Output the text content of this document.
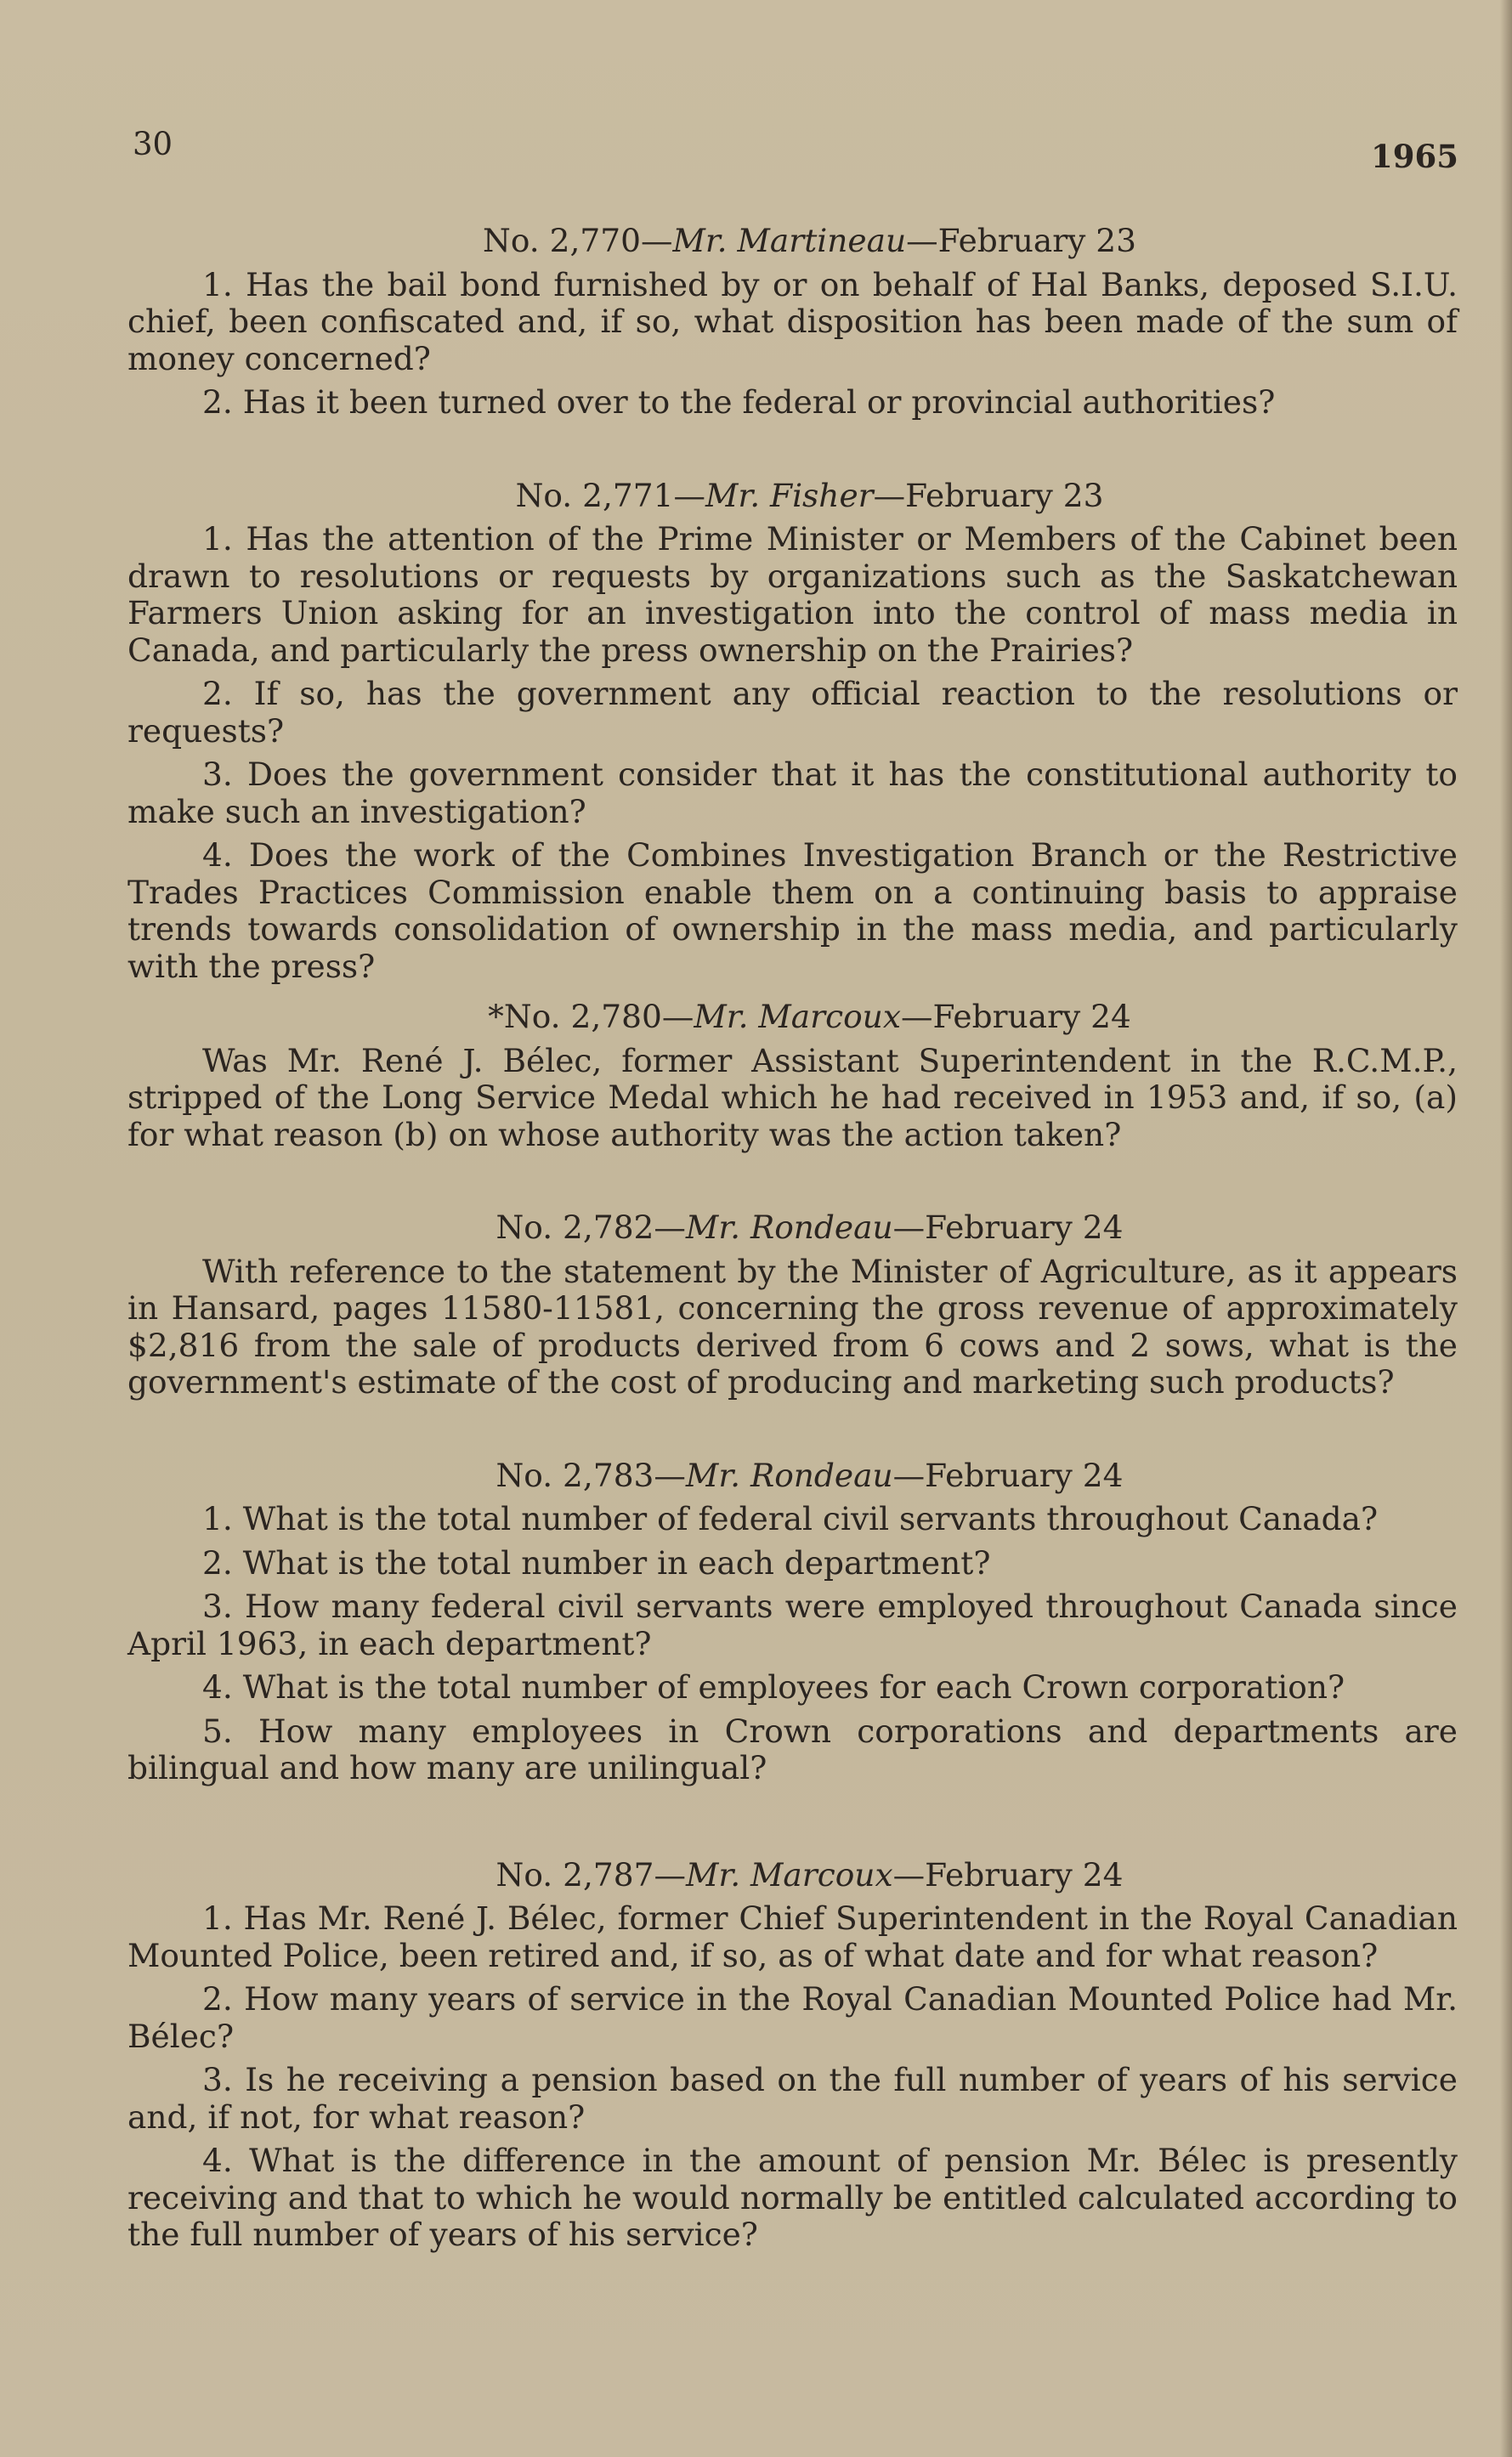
30	1965

No. 2,770—Mr. Martineau—February 23

1. Has the bail bond furnished by or on behalf of Hal Banks, deposed S.I.U. chief, been confiscated and, if so, what disposition has been made of the sum of money concerned?

2. Has it been turned over to the federal or provincial authorities?

No. 2,771—Mr. Fisher—February 23

1. Has the attention of the Prime Minister or Members of the Cabinet been drawn to resolutions or requests by organizations such as the Saskatchewan Farmers Union asking for an investigation into the control of mass media in Canada, and particularly the press ownership on the Prairies?

2. If so, has the government any official reaction to the resolutions or requests?

3. Does the government consider that it has the constitutional authority to make such an investigation?

4. Does the work of the Combines Investigation Branch or the Restrictive Trades Practices Commission enable them on a continuing basis to appraise trends towards consolidation of ownership in the mass media, and particularly with the press?

*No. 2,780—Mr. Marcoux—February 24

Was Mr. René J. Bélec, former Assistant Superintendent in the R.C.M.P., stripped of the Long Service Medal which he had received in 1953 and, if so, (a) for what reason (b) on whose authority was the action taken?

No. 2,782—Mr. Rondeau—February 24

With reference to the statement by the Minister of Agriculture, as it appears in Hansard, pages 11580-11581, concerning the gross revenue of approximately $2,816 from the sale of products derived from 6 cows and 2 sows, what is the government's estimate of the cost of producing and marketing such products?

No. 2,783—Mr. Rondeau—February 24

1. What is the total number of federal civil servants throughout Canada?

2. What is the total number in each department?

3. How many federal civil servants were employed throughout Canada since April 1963, in each department?

4. What is the total number of employees for each Crown corporation?

5. How many employees in Crown corporations and departments are bilingual and how many are unilingual?

No. 2,787—Mr. Marcoux—February 24

1. Has Mr. René J. Bélec, former Chief Superintendent in the Royal Canadian Mounted Police, been retired and, if so, as of what date and for what reason?

2. How many years of service in the Royal Canadian Mounted Police had Mr. Bélec?

3. Is he receiving a pension based on the full number of years of his service and, if not, for what reason?

4. What is the difference in the amount of pension Mr. Bélec is presently receiving and that to which he would normally be entitled calculated according to the full number of years of his service?
